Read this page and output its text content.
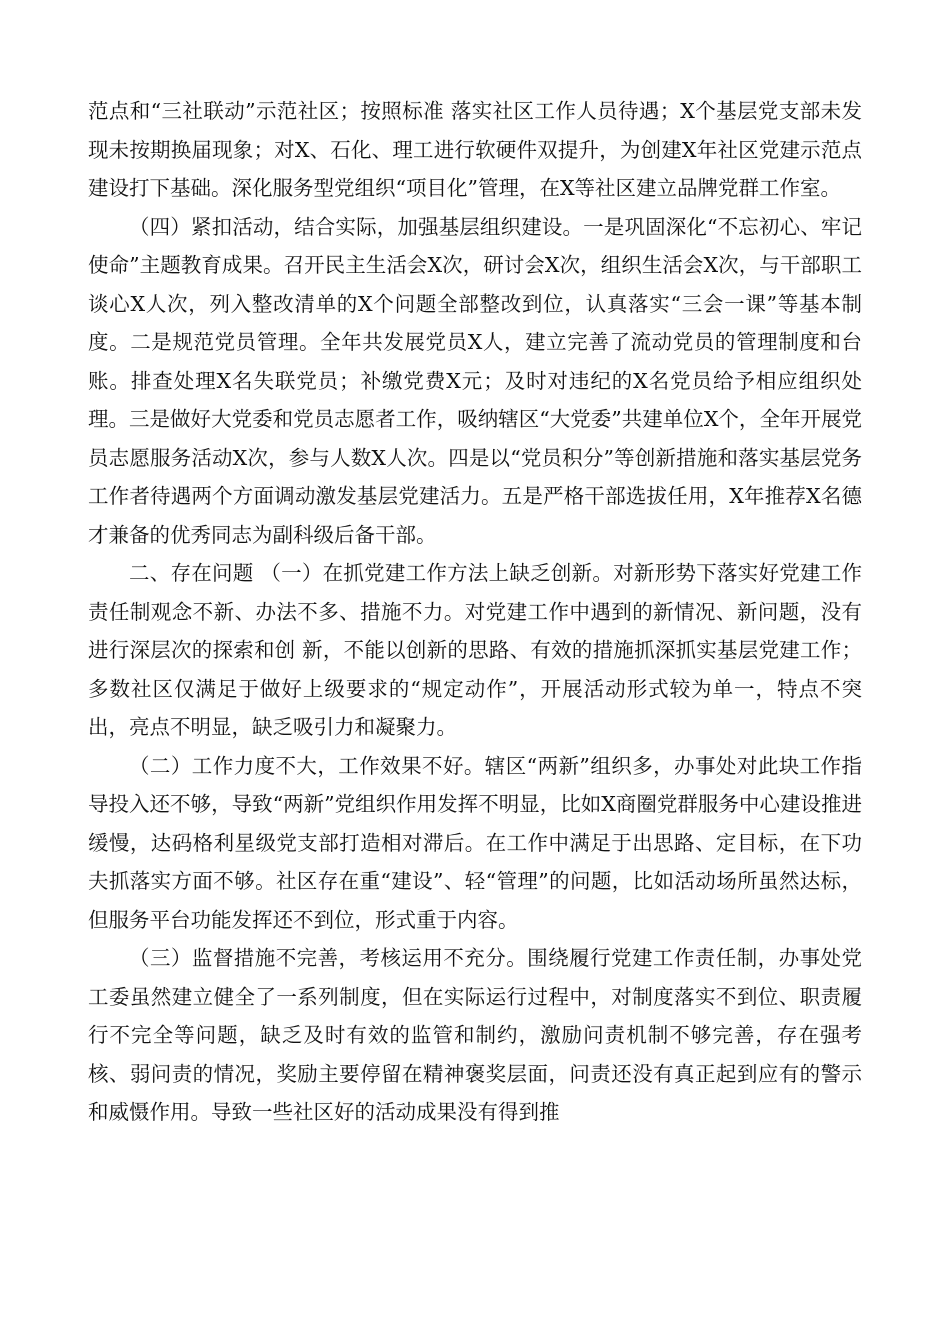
范点和“三社联动”示范社区；按照标准 落实社区工作人员待遇；X个基层党支部未发现未按期换届现象；对X、石化、理工进行软硬件双提升，为创建X年社区党建示范点建设打下基础。深化服务型党组织“项目化”管理，在X等社区建立品牌党群工作室。

（四）紧扣活动，结合实际，加强基层组织建设。一是巩固深化“不忘初心、牢记使命”主题教育成果。召开民主生活会X次，研讨会X次，组织生活会X次，与干部职工谈心X人次，列入整改清单的X个问题全部整改到位，认真落实“三会一课”等基本制度。二是规范党员管理。全年共发展党员X人，建立完善了流动党员的管理制度和台账。排查处理X名失联党员；补缴党费X元；及时对违纪的X名党员给予相应组织处理。三是做好大党委和党员志愿者工作，吸纳辖区“大党委”共建单位X个，全年开展党员志愿服务活动X次，参与人数X人次。四是以“党员积分”等创新措施和落实基层党务工作者待遇两个方面调动激发基层党建活力。五是严格干部选拔任用，X年推荐X名德才兼备的优秀同志为副科级后备干部。

二、存在问题 （一）在抓党建工作方法上缺乏创新。对新形势下落实好党建工作责任制观念不新、办法不多、措施不力。对党建工作中遇到的新情况、新问题，没有进行深层次的探索和创 新，不能以创新的思路、有效的措施抓深抓实基层党建工作；多数社区仅满足于做好上级要求的“规定动作”，开展活动形式较为单一，特点不突出，亮点不明显，缺乏吸引力和凝聚力。

（二）工作力度不大，工作效果不好。辖区“两新”组织多，办事处对此块工作指导投入还不够，导致“两新”党组织作用发挥不明显，比如X商圈党群服务中心建设推进缓慢，达码格利星级党支部打造相对滞后。在工作中满足于出思路、定目标，在下功夫抓落实方面不够。社区存在重“建设”、轻“管理”的问题，比如活动场所虽然达标，但服务平台功能发挥还不到位，形式重于内容。

（三）监督措施不完善，考核运用不充分。围绕履行党建工作责任制，办事处党工委虽然建立健全了一系列制度，但在实际运行过程中，对制度落实不到位、职责履行不完全等问题，缺乏及时有效的监管和制约，激励问责机制不够完善，存在强考核、弱问责的情况，奖励主要停留在精神褒奖层面，问责还没有真正起到应有的警示和威慑作用。导致一些社区好的活动成果没有得到推
